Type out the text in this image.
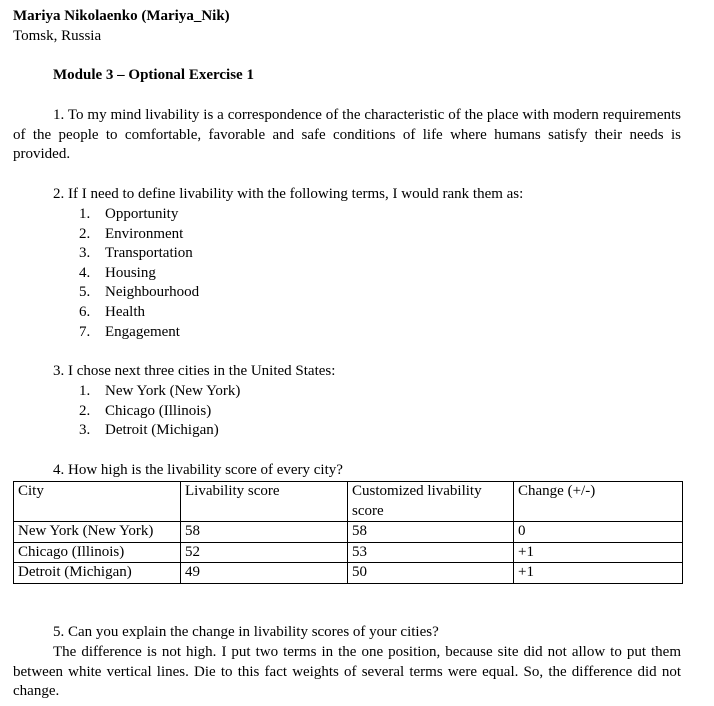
Mariya Nikolaenko (Mariya_Nik)
Tomsk, Russia
Module 3 – Optional Exercise 1
1. To my mind livability is a correspondence of the characteristic of the place with modern requirements of the people to comfortable, favorable and safe conditions of life where humans satisfy their needs is provided.
2. If I need to define livability with the following terms, I would rank them as:
1. Opportunity
2. Environment
3. Transportation
4. Housing
5. Neighbourhood
6. Health
7. Engagement
3. I chose next three cities in the United States:
1. New York (New York)
2. Chicago (Illinois)
3. Detroit (Michigan)
4. How high is the livability score of every city?
City	Livability score	Customized livability score	Change (+/-)
New York (New York)	58	58	0
Chicago (Illinois)	52	53	+1
Detroit (Michigan)	49	50	+1
5. Can you explain the change in livability scores of your cities?
The difference is not high. I put two terms in the one position, because site did not allow to put them between white vertical lines. Die to this fact weights of several terms were equal. So, the difference did not change.
